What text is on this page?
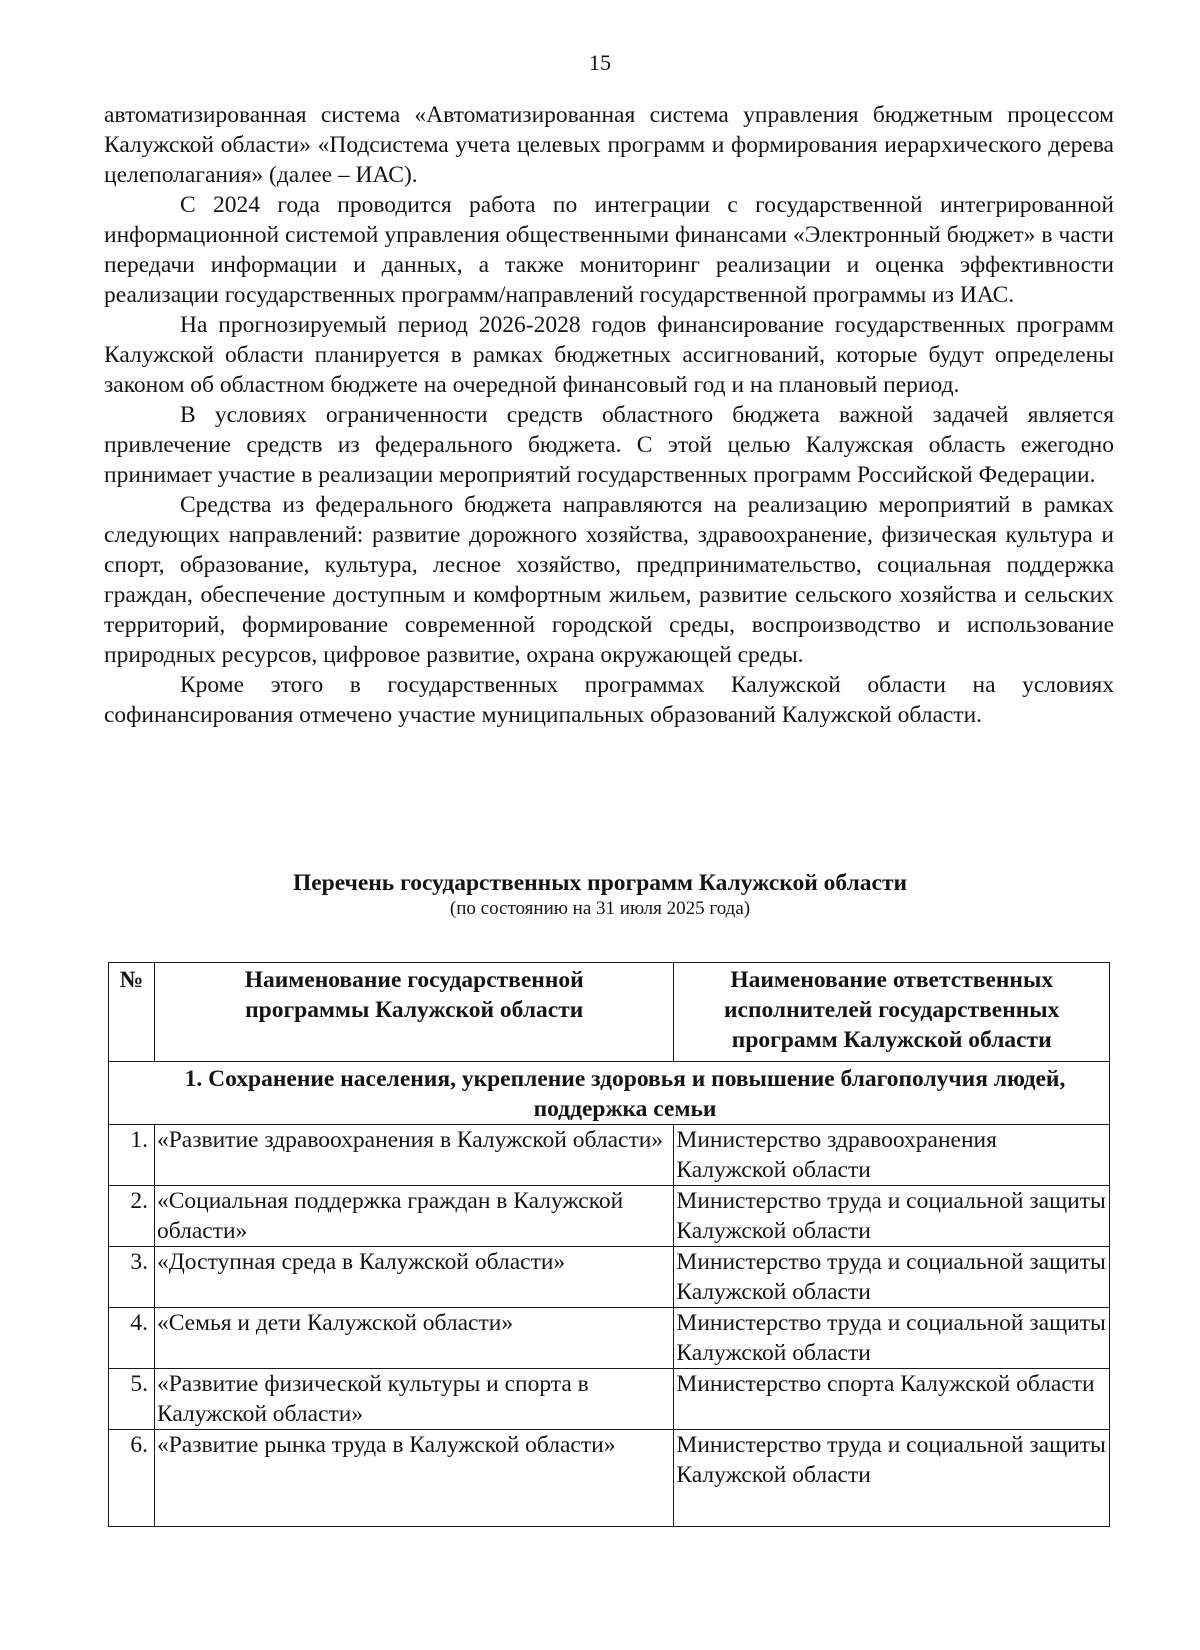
15

автоматизированная система «Автоматизированная система управления бюджетным процессом Калужской области» «Подсистема учета целевых программ и формирования иерархического дерева целеполагания» (далее – ИАС).

С 2024 года проводится работа по интеграции с государственной интегрированной информационной системой управления общественными финансами «Электронный бюджет» в части передачи информации и данных, а также мониторинг реализации и оценка эффективности реализации государственных программ/направлений государственной программы из ИАС.

На прогнозируемый период 2026-2028 годов финансирование государственных программ Калужской области планируется в рамках бюджетных ассигнований, которые будут определены законом об областном бюджете на очередной финансовый год и на плановый период.

В условиях ограниченности средств областного бюджета важной задачей является привлечение средств из федерального бюджета. С этой целью Калужская область ежегодно принимает участие в реализации мероприятий государственных программ Российской Федерации.

Средства из федерального бюджета направляются на реализацию мероприятий в рамках следующих направлений: развитие дорожного хозяйства, здравоохранение, физическая культура и спорт, образование, культура, лесное хозяйство, предпринимательство, социальная поддержка граждан, обеспечение доступным и комфортным жильем, развитие сельского хозяйства и сельских территорий, формирование современной городской среды, воспроизводство и использование природных ресурсов, цифровое развитие, охрана окружающей среды.

Кроме этого в государственных программах Калужской области на условиях софинансирования отмечено участие муниципальных образований Калужской области.

Перечень государственных программ Калужской области
(по состоянию на 31 июля 2025 года)
№	Наименование государственной программы Калужской области	Наименование ответственных исполнителей государственных программ Калужской области
1. Сохранение населения, укрепление здоровья и повышение благополучия людей, поддержка семьи		
1.	«Развитие здравоохранения в Калужской области»	Министерство здравоохранения Калужской области
2.	«Социальная поддержка граждан в Калужской области»	Министерство труда и социальной защиты Калужской области
3.	«Доступная среда в Калужской области»	Министерство труда и социальной защиты Калужской области
4.	«Семья и дети Калужской области»	Министерство труда и социальной защиты Калужской области
5.	«Развитие физической культуры и спорта в Калужской области»	Министерство спорта Калужской области
6.	«Развитие рынка труда в Калужской области»	Министерство труда и социальной защиты Калужской области
